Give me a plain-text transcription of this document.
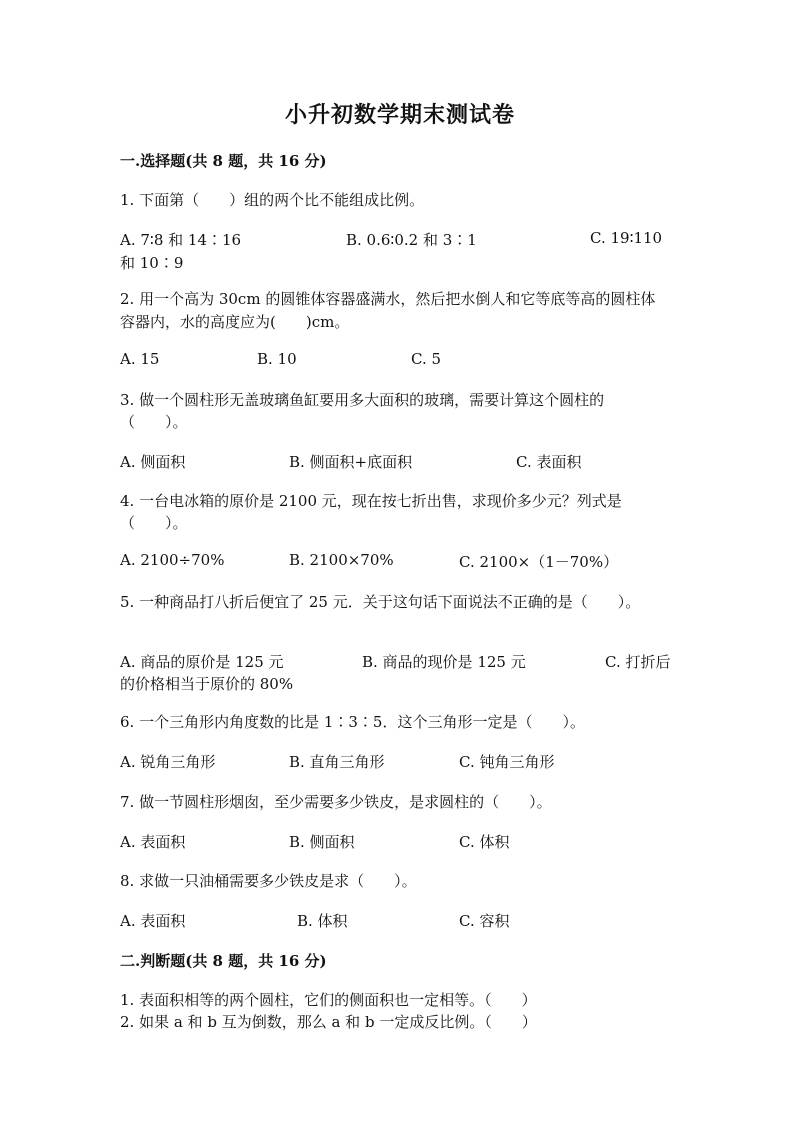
小升初数学期末测试卷
一.选择题(共 8 题，共 16 分)
1. 下面第（　　）组的两个比不能组成比例。
A. 7∶8 和 14∶16	B. 0.6∶0.2 和 3∶1	C. 19∶110
和 10∶9
2. 用一个高为 30cm 的圆锥体容器盛满水，然后把水倒人和它等底等高的圆柱体
容器内，水的高度应为(　　)cm。
A. 15	B. 10	C. 5
3. 做一个圆柱形无盖玻璃鱼缸要用多大面积的玻璃，需要计算这个圆柱的
（　　）。
A. 侧面积	B. 侧面积+底面积	C. 表面积
4. 一台电冰箱的原价是 2100 元，现在按七折出售，求现价多少元？列式是
（　　）。
A. 2100÷70%	B. 2100×70%	C. 2100×（1－70%）
5. 一种商品打八折后便宜了 25 元．关于这句话下面说法不正确的是（　　）。
A. 商品的原价是 125 元	B. 商品的现价是 125 元	C. 打折后
的价格相当于原价的 80%
6. 一个三角形内角度数的比是 1∶3∶5．这个三角形一定是（　　）。
A. 锐角三角形	B. 直角三角形	C. 钝角三角形
7. 做一节圆柱形烟囱，至少需要多少铁皮，是求圆柱的（　　）。
A. 表面积	B. 侧面积	C. 体积
8. 求做一只油桶需要多少铁皮是求（　　）。
A. 表面积	B. 体积	C. 容积
二.判断题(共 8 题，共 16 分)
1. 表面积相等的两个圆柱，它们的侧面积也一定相等。（　　）
2. 如果 a 和 b 互为倒数，那么 a 和 b 一定成反比例。（　　）
